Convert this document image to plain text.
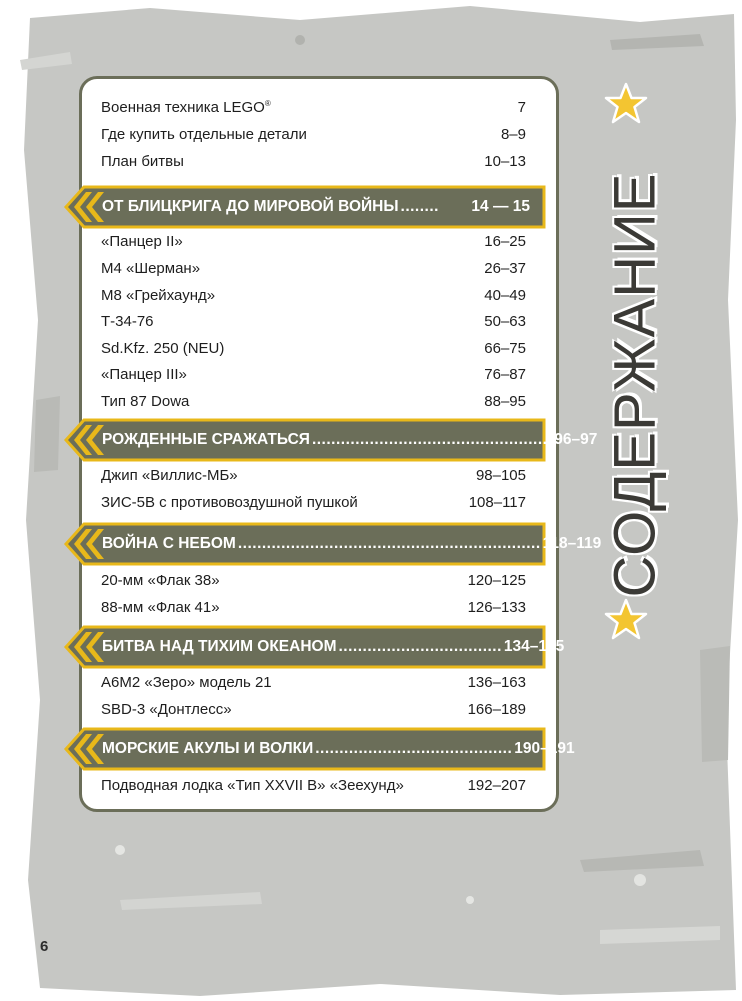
Военная техника LEGO®	7
Где купить отдельные детали	8–9
План битвы	10–13
ОТ БЛИЦКРИГА ДО МИРОВОЙ ВОЙНЫ ........	14 — 15
«Панцер II»	16–25
М4 «Шерман»	26–37
М8 «Грейхаунд»	40–49
Т-34-76	50–63
Sd.Kfz. 250 (NEU)	66–75
«Панцер III»	76–87
Тип 87 Dowa	88–95
РОЖДЕННЫЕ СРАЖАТЬСЯ .................................................. 96–97
Джип «Виллис-МБ»	98–105
ЗИС-5В с противовоздушной пушкой	108–117
ВОЙНА С НЕБОМ ............................................................... 118–119
20-мм «Флак 38»	120–125
88-мм «Флак 41»	126–133
БИТВА НАД ТИХИМ ОКЕАНОМ .................................. 134–135
A6M2 «Зеро» модель 21	136–163
SBD-3 «Донтлесс»	166–189
МОРСКИЕ АКУЛЫ И ВОЛКИ ......................................... 190–191
Подводная лодка «Тип XXVII B» «Зеехунд»	192–207
СОДЕРЖАНИЕ
6
